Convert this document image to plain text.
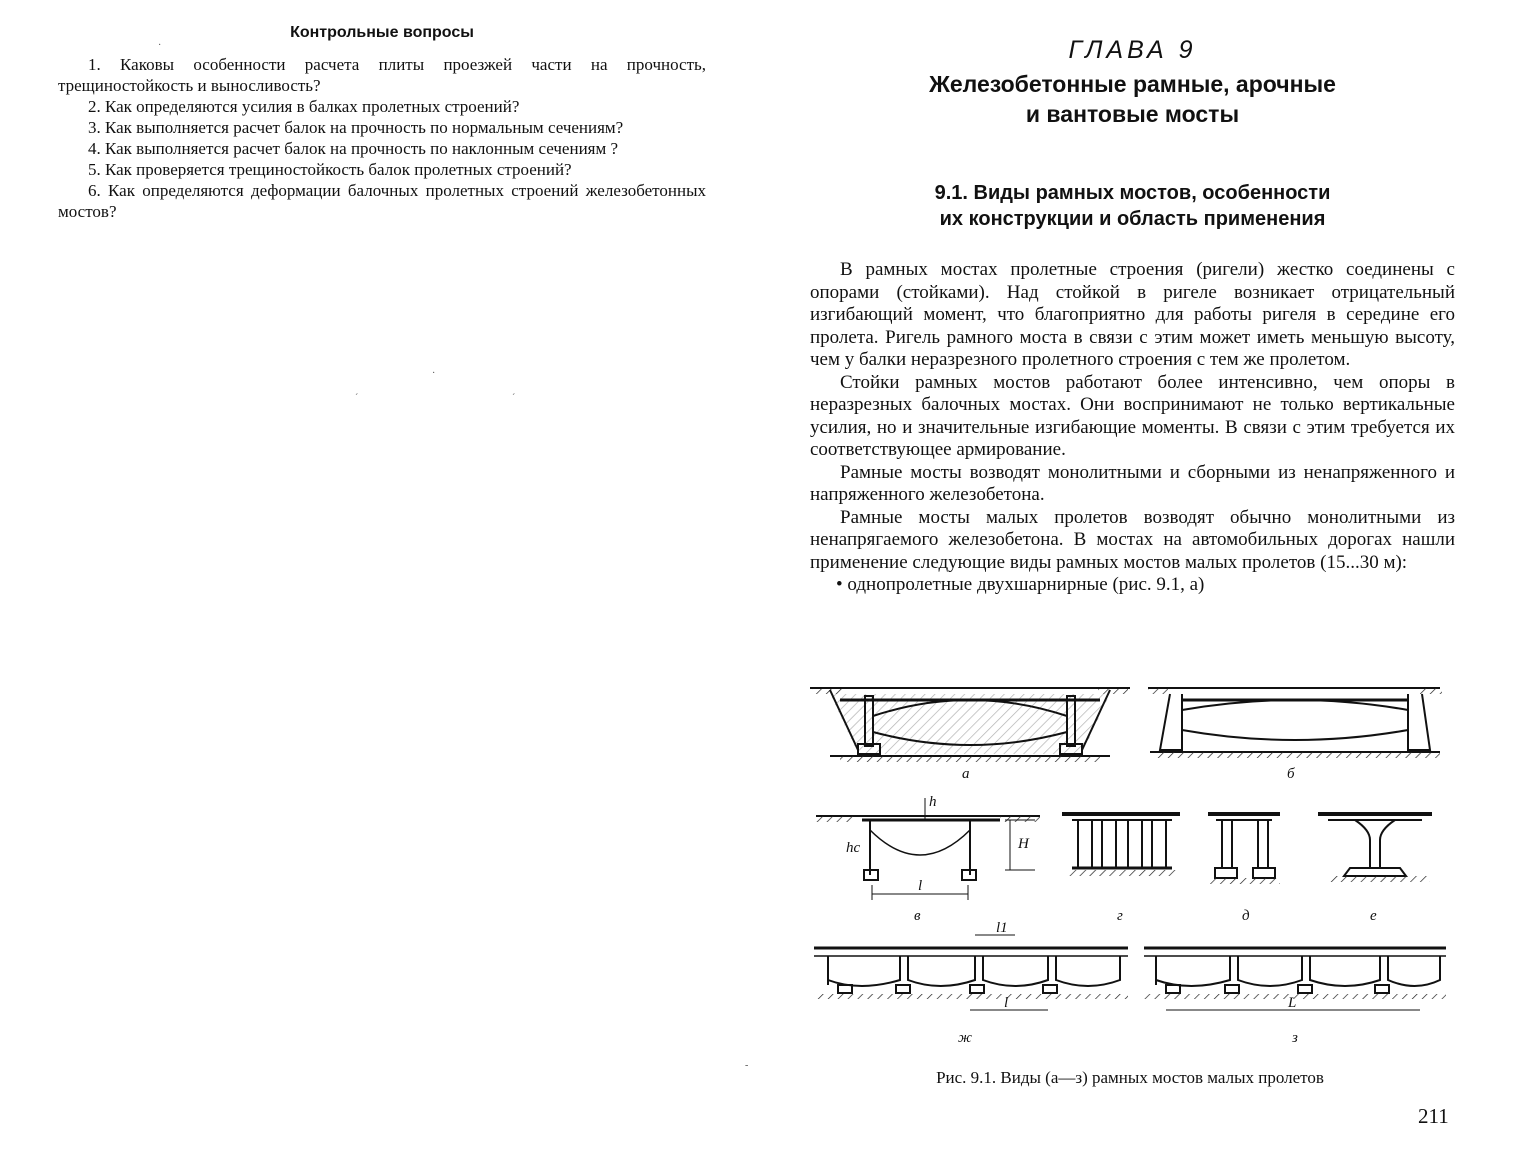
Контрольные вопросы

1. Каковы особенности расчета плиты проезжей части на прочность, трещиностойкость и выносливость?

2. Как определяются усилия в балках пролетных строений?

3. Как выполняется расчет балок на прочность по нормальным сечениям?

4. Как выполняется расчет балок на прочность по наклонным сечениям ?

5. Как проверяется трещиностойкость балок пролетных строений?

6. Как определяются деформации балочных пролетных строений железобетонных мостов?

·
·
´	´
-

ГЛАВА 9

Железобетонные рамные, арочные
и вантовые мосты

9.1. Виды рамных мостов, особенности
их конструкции и область применения

В рамных мостах пролетные строения (ригели) жестко соединены с опорами (стойками). Над стойкой в ригеле возникает отрицательный изгибающий момент, что благоприятно для работы ригеля в середине его пролета. Ригель рамного моста в связи с этим может иметь меньшую высоту, чем у балки неразрезного пролетного строения с тем же пролетом.

Стойки рамных мостов работают более интенсивно, чем опоры в неразрезных балочных мостах. Они воспринимают не только вертикальные усилия, но и значительные изгибающие моменты. В связи с этим требуется их соответствующее армирование.

Рамные мосты возводят монолитными и сборными из ненапряженного и напряженного железобетона.

Рамные мосты малых пролетов возводят обычно монолитными из ненапрягаемого железобетона. В мостах на автомобильных дорогах нашли применение следующие виды рамных мостов малых пролетов (15...30 м):

• однопролетные двухшарнирные (рис. 9.1, а)

а	б
в	г	д	е
ж	з
h
H
hс
l
l1
l	L
Рис. 9.1. Виды (а—з) рамных мостов малых пролетов
211
